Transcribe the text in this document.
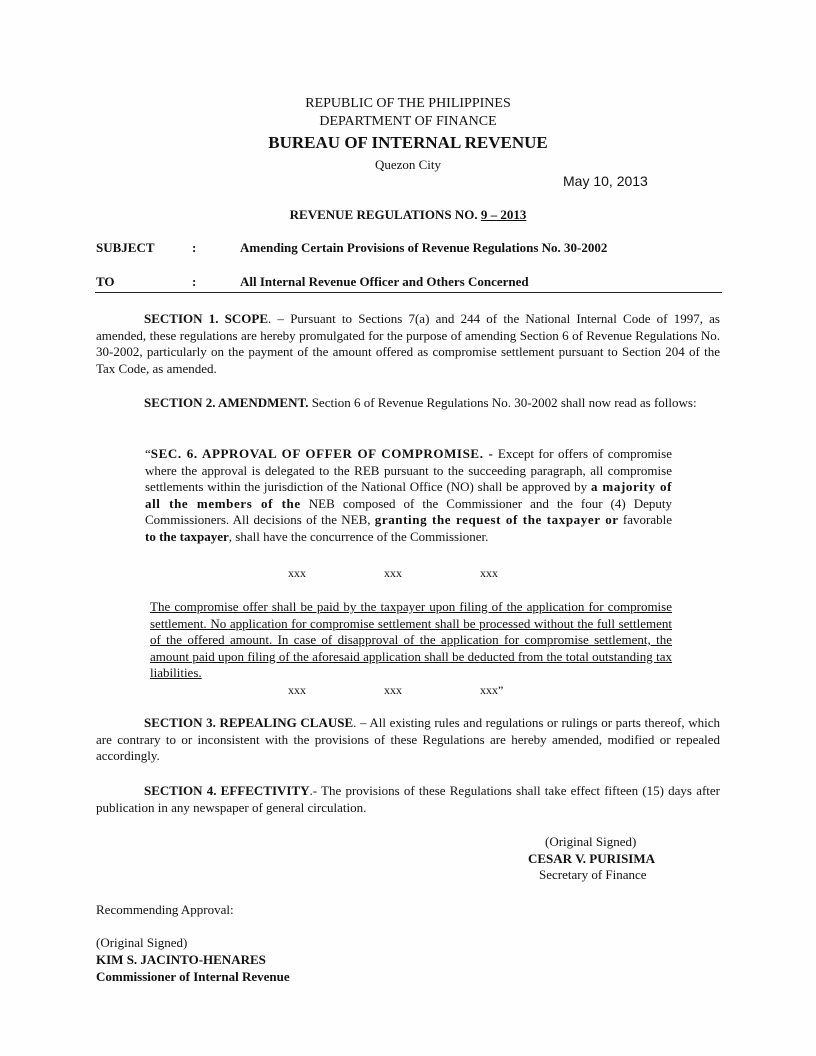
REPUBLIC OF THE PHILIPPINES
DEPARTMENT OF FINANCE
BUREAU OF INTERNAL REVENUE
Quezon City
May 10, 2013
REVENUE REGULATIONS NO. 9 – 2013
SUBJECT	:	Amending Certain Provisions of Revenue Regulations No. 30-2002
TO	:	All Internal Revenue Officer and Others Concerned
SECTION 1. SCOPE. – Pursuant to Sections 7(a) and 244 of the National Internal Code of 1997, as amended, these regulations are hereby promulgated for the purpose of amending Section 6 of Revenue Regulations No. 30-2002, particularly on the payment of the amount offered as compromise settlement pursuant to Section 204 of the Tax Code, as amended.
SECTION 2. AMENDMENT. Section 6 of Revenue Regulations No. 30-2002 shall now read as follows:
“SEC. 6. APPROVAL OF OFFER OF COMPROMISE. - Except for offers of compromise where the approval is delegated to the REB pursuant to the succeeding paragraph, all compromise settlements within the jurisdiction of the National Office (NO) shall be approved by a majority of all the members of the NEB composed of the Commissioner and the four (4) Deputy Commissioners. All decisions of the NEB, granting the request of the taxpayer or favorable to the taxpayer, shall have the concurrence of the Commissioner.
xxx	xxx	xxx
The compromise offer shall be paid by the taxpayer upon filing of the application for compromise settlement. No application for compromise settlement shall be processed without the full settlement of the offered amount. In case of disapproval of the application for compromise settlement, the amount paid upon filing of the aforesaid application shall be deducted from the total outstanding tax liabilities.
xxx	xxx	xxx”
SECTION 3. REPEALING CLAUSE. – All existing rules and regulations or rulings or parts thereof, which are contrary to or inconsistent with the provisions of these Regulations are hereby amended, modified or repealed accordingly.
SECTION 4. EFFECTIVITY.- The provisions of these Regulations shall take effect fifteen (15) days after publication in any newspaper of general circulation.
(Original Signed)
CESAR V. PURISIMA
Secretary of Finance
Recommending Approval:
(Original Signed)
KIM S. JACINTO-HENARES
Commissioner of Internal Revenue
